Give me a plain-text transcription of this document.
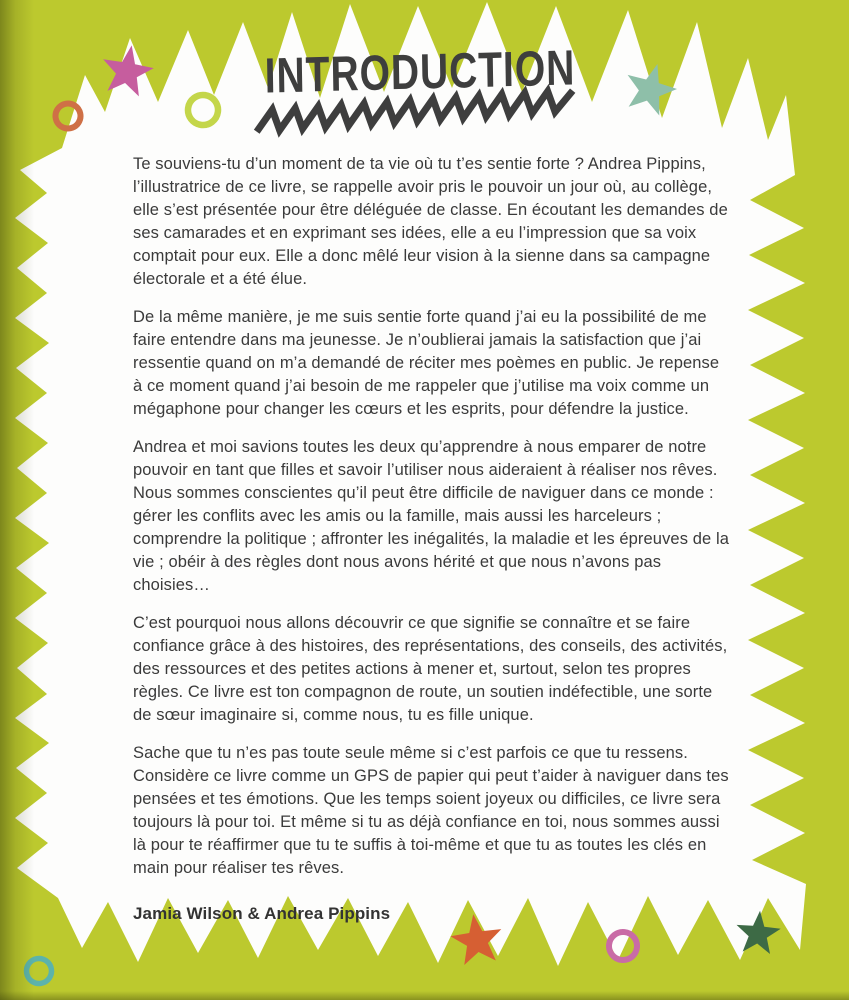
INTRODUCTION

Te souviens-tu d’un moment de ta vie où tu t’es sentie forte ? Andrea Pippins, l’illustratrice de ce livre, se rappelle avoir pris le pouvoir un jour où, au collège, elle s’est présentée pour être déléguée de classe. En écoutant les demandes de ses camarades et en exprimant ses idées, elle a eu l’impression que sa voix comptait pour eux. Elle a donc mêlé leur vision à la sienne dans sa campagne électorale et a été élue.

De la même manière, je me suis sentie forte quand j’ai eu la possibilité de me faire entendre dans ma jeunesse. Je n’oublierai jamais la satisfaction que j’ai ressentie quand on m’a demandé de réciter mes poèmes en public. Je repense à ce moment quand j’ai besoin de me rappeler que j’utilise ma voix comme un mégaphone pour changer les cœurs et les esprits, pour défendre la justice.

Andrea et moi savions toutes les deux qu’apprendre à nous emparer de notre pouvoir en tant que filles et savoir l’utiliser nous aideraient à réaliser nos rêves. Nous sommes conscientes qu’il peut être difficile de naviguer dans ce monde : gérer les conflits avec les amis ou la famille, mais aussi les harceleurs ; comprendre la politique ; affronter les inégalités, la maladie et les épreuves de la vie ; obéir à des règles dont nous avons hérité et que nous n’avons pas choisies…

C’est pourquoi nous allons découvrir ce que signifie se connaître et se faire confiance grâce à des histoires, des représentations, des conseils, des activités, des ressources et des petites actions à mener et, surtout, selon tes propres règles. Ce livre est ton compagnon de route, un soutien indéfectible, une sorte de sœur imaginaire si, comme nous, tu es fille unique.

Sache que tu n’es pas toute seule même si c’est parfois ce que tu ressens. Considère ce livre comme un GPS de papier qui peut t’aider à naviguer dans tes pensées et tes émotions. Que les temps soient joyeux ou difficiles, ce livre sera toujours là pour toi. Et même si tu as déjà confiance en toi, nous sommes aussi là pour te réaffirmer que tu te suffis à toi-même et que tu as toutes les clés en main pour réaliser tes rêves.

Jamia Wilson & Andrea Pippins
